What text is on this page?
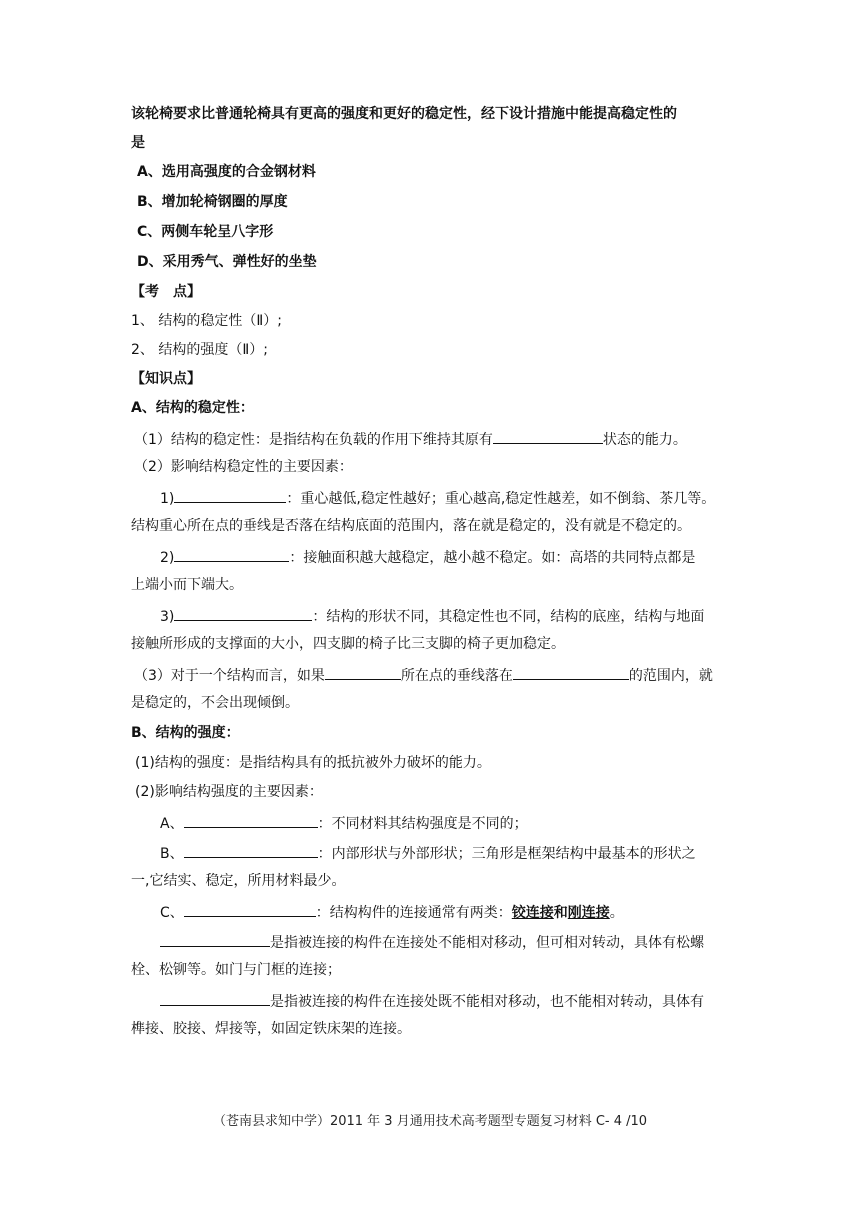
该轮椅要求比普通轮椅具有更高的强度和更好的稳定性，经下设计措施中能提高稳定性的
是
A、选用高强度的合金钢材料
B、增加轮椅钢圈的厚度
C、两侧车轮呈八字形
D、采用秀气、弹性好的坐垫
【考　点】
1、 结构的稳定性（Ⅱ）;
2、 结构的强度（Ⅱ）;
【知识点】
A、结构的稳定性：
（1）结构的稳定性：是指结构在负载的作用下维持其原有	状态的能力。
（2）影响结构稳定性的主要因素：
1)	：重心越低,稳定性越好；重心越高,稳定性越差，如不倒翁、茶几等。
结构重心所在点的垂线是否落在结构底面的范围内，落在就是稳定的，没有就是不稳定的。
2)	：接触面积越大越稳定，越小越不稳定。如：高塔的共同特点都是
上端小而下端大。
3)	：结构的形状不同，其稳定性也不同，结构的底座，结构与地面
接触所形成的支撑面的大小，四支脚的椅子比三支脚的椅子更加稳定。
（3）对于一个结构而言，如果	所在点的垂线落在	的范围内，就
是稳定的，不会出现倾倒。
B、结构的强度：
(1)结构的强度：是指结构具有的抵抗被外力破坏的能力。
(2)影响结构强度的主要因素：
A、	：不同材料其结构强度是不同的；
B、	：内部形状与外部形状；三角形是框架结构中最基本的形状之
一,它结实、稳定，所用材料最少。
C、	：结构构件的连接通常有两类：铰连接和刚连接。
是指被连接的构件在连接处不能相对移动，但可相对转动，具体有松螺
栓、松铆等。如门与门框的连接；
是指被连接的构件在连接处既不能相对移动，也不能相对转动，具体有
榫接、胶接、焊接等，如固定铁床架的连接。
（苍南县求知中学）2011 年 3 月通用技术高考题型专题复习材料 C- 4 /10
